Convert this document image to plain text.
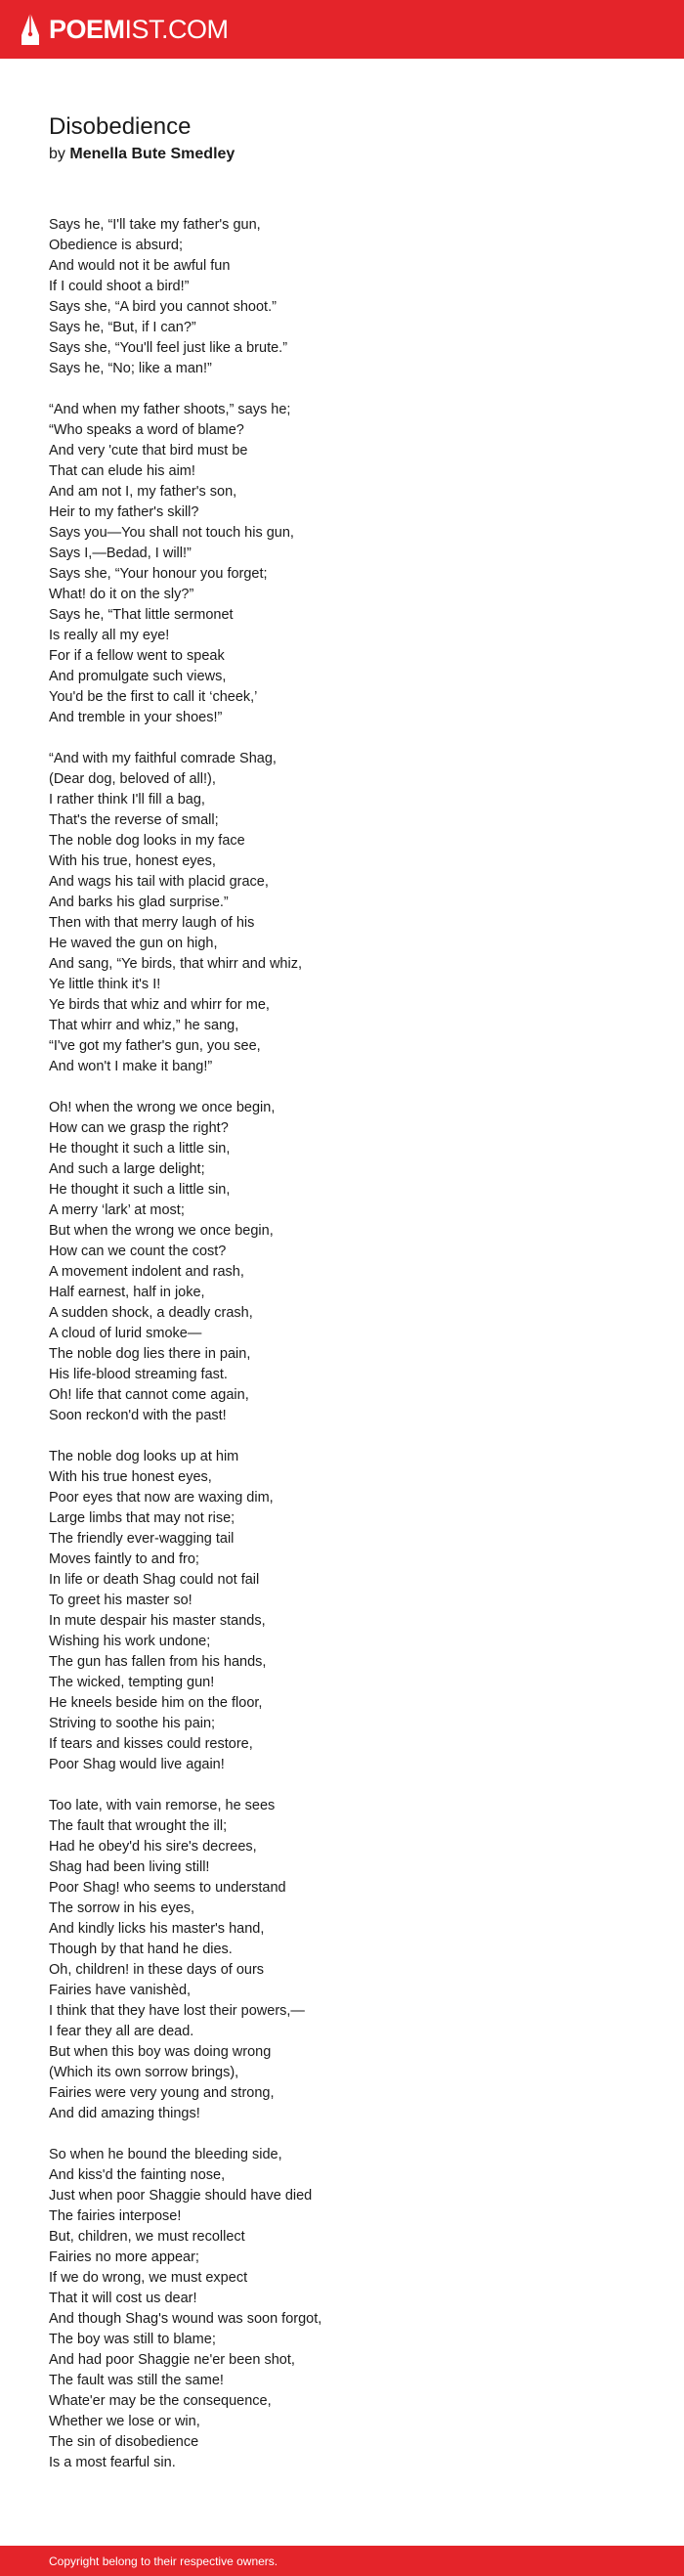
POEMIST.COM
Disobedience
by Menella Bute Smedley
Says he, “I'll take my father's gun,
Obedience is absurd;
And would not it be awful fun
If I could shoot a bird!”
Says she, “A bird you cannot shoot.”
Says he, “But, if I can?”
Says she, “You'll feel just like a brute.”
Says he, “No; like a man!”
“And when my father shoots,” says he;
“Who speaks a word of blame?
And very 'cute that bird must be
That can elude his aim!
And am not I, my father's son,
Heir to my father's skill?
Says you—You shall not touch his gun,
Says I,—Bedad, I will!”
Says she, “Your honour you forget;
What! do it on the sly?”
Says he, “That little sermonet
Is really all my eye!
For if a fellow went to speak
And promulgate such views,
You'd be the first to call it ‘cheek,’
And tremble in your shoes!”
“And with my faithful comrade Shag,
(Dear dog, beloved of all!),
I rather think I'll fill a bag,
That's the reverse of small;
The noble dog looks in my face
With his true, honest eyes,
And wags his tail with placid grace,
And barks his glad surprise.”
Then with that merry laugh of his
He waved the gun on high,
And sang, “Ye birds, that whirr and whiz,
Ye little think it's I!
Ye birds that whiz and whirr for me,
That whirr and whiz,” he sang,
“I've got my father's gun, you see,
And won't I make it bang!”
Oh! when the wrong we once begin,
How can we grasp the right?
He thought it such a little sin,
And such a large delight;
He thought it such a little sin,
A merry ‘lark’ at most;
But when the wrong we once begin,
How can we count the cost?
A movement indolent and rash,
Half earnest, half in joke,
A sudden shock, a deadly crash,
A cloud of lurid smoke—
The noble dog lies there in pain,
His life-blood streaming fast.
Oh! life that cannot come again,
Soon reckon'd with the past!
The noble dog looks up at him
With his true honest eyes,
Poor eyes that now are waxing dim,
Large limbs that may not rise;
The friendly ever-wagging tail
Moves faintly to and fro;
In life or death Shag could not fail
To greet his master so!
In mute despair his master stands,
Wishing his work undone;
The gun has fallen from his hands,
The wicked, tempting gun!
He kneels beside him on the floor,
Striving to soothe his pain;
If tears and kisses could restore,
Poor Shag would live again!
Too late, with vain remorse, he sees
The fault that wrought the ill;
Had he obey'd his sire's decrees,
Shag had been living still!
Poor Shag! who seems to understand
The sorrow in his eyes,
And kindly licks his master's hand,
Though by that hand he dies.
Oh, children! in these days of ours
Fairies have vanishèd,
I think that they have lost their powers,—
I fear they all are dead.
But when this boy was doing wrong
(Which its own sorrow brings),
Fairies were very young and strong,
And did amazing things!
So when he bound the bleeding side,
And kiss'd the fainting nose,
Just when poor Shaggie should have died
The fairies interpose!
But, children, we must recollect
Fairies no more appear;
If we do wrong, we must expect
That it will cost us dear!
And though Shag's wound was soon forgot,
The boy was still to blame;
And had poor Shaggie ne'er been shot,
The fault was still the same!
Whate'er may be the consequence,
Whether we lose or win,
The sin of disobedience
Is a most fearful sin.
Copyright belong to their respective owners.
